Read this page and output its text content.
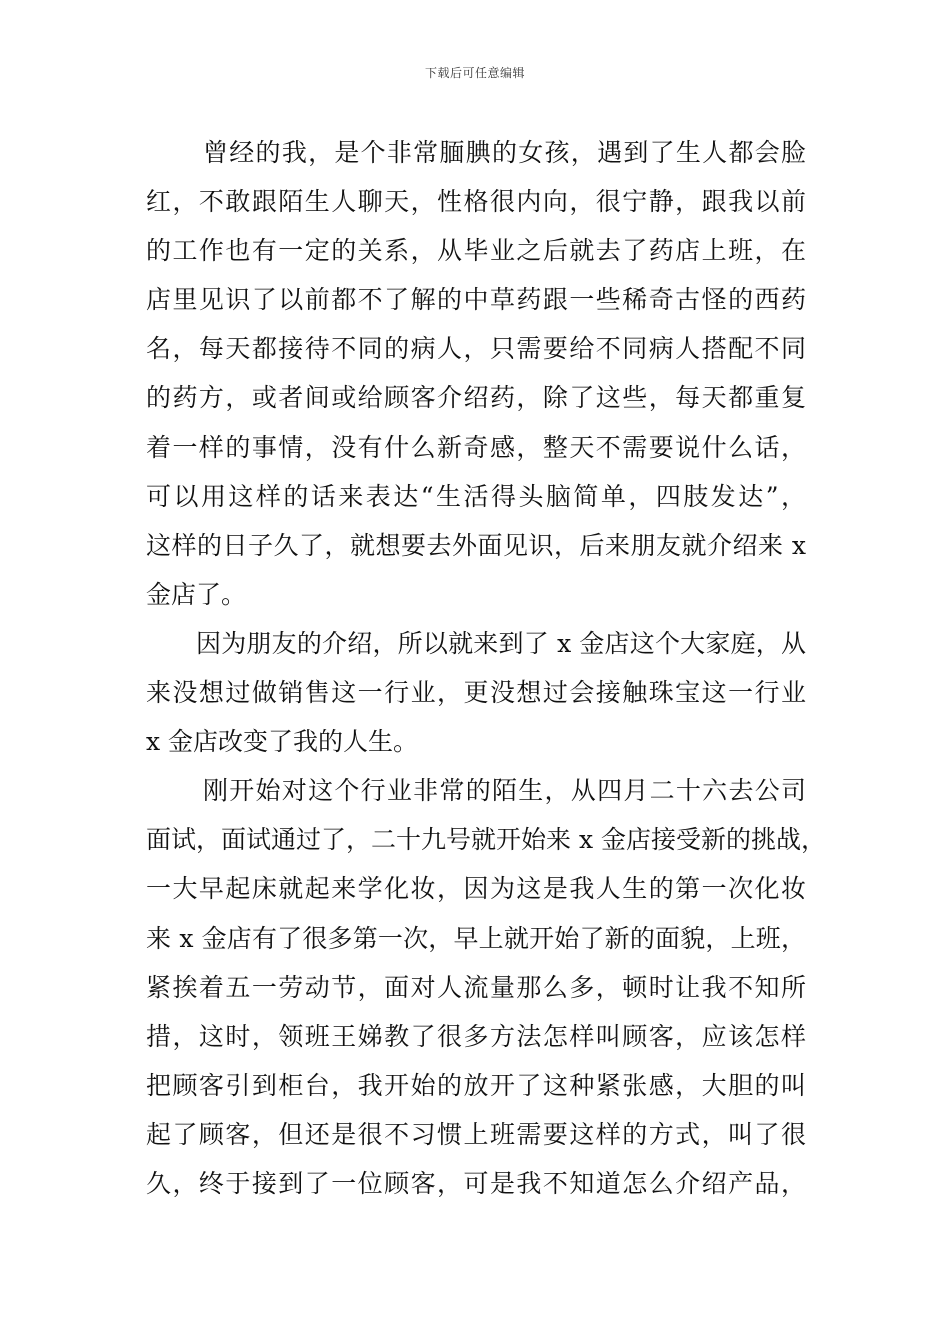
下载后可任意编辑
曾经的我，是个非常腼腆的女孩，遇到了生人都会脸
红，不敢跟陌生人聊天，性格很内向，很宁静，跟我以前
的工作也有一定的关系，从毕业之后就去了药店上班，在
店里见识了以前都不了解的中草药跟一些稀奇古怪的西药
名，每天都接待不同的病人，只需要给不同病人搭配不同
的药方，或者间或给顾客介绍药，除了这些，每天都重复
着一样的事情，没有什么新奇感，整天不需要说什么话，
可以用这样的话来表达“生活得头脑简单，四肢发达”，
这样的日子久了，就想要去外面见识，后来朋友就介绍来 x
金店了。
因为朋友的介绍，所以就来到了 x 金店这个大家庭，从
来没想过做销售这一行业，更没想过会接触珠宝这一行业
x 金店改变了我的人生。
刚开始对这个行业非常的陌生，从四月二十六去公司
面试，面试通过了，二十九号就开始来 x 金店接受新的挑战，
一大早起床就起来学化妆，因为这是我人生的第一次化妆
来 x 金店有了很多第一次，早上就开始了新的面貌，上班，
紧挨着五一劳动节，面对人流量那么多，顿时让我不知所
措，这时，领班王娣教了很多方法怎样叫顾客，应该怎样
把顾客引到柜台，我开始的放开了这种紧张感，大胆的叫
起了顾客，但还是很不习惯上班需要这样的方式，叫了很
久，终于接到了一位顾客，可是我不知道怎么介绍产品，
